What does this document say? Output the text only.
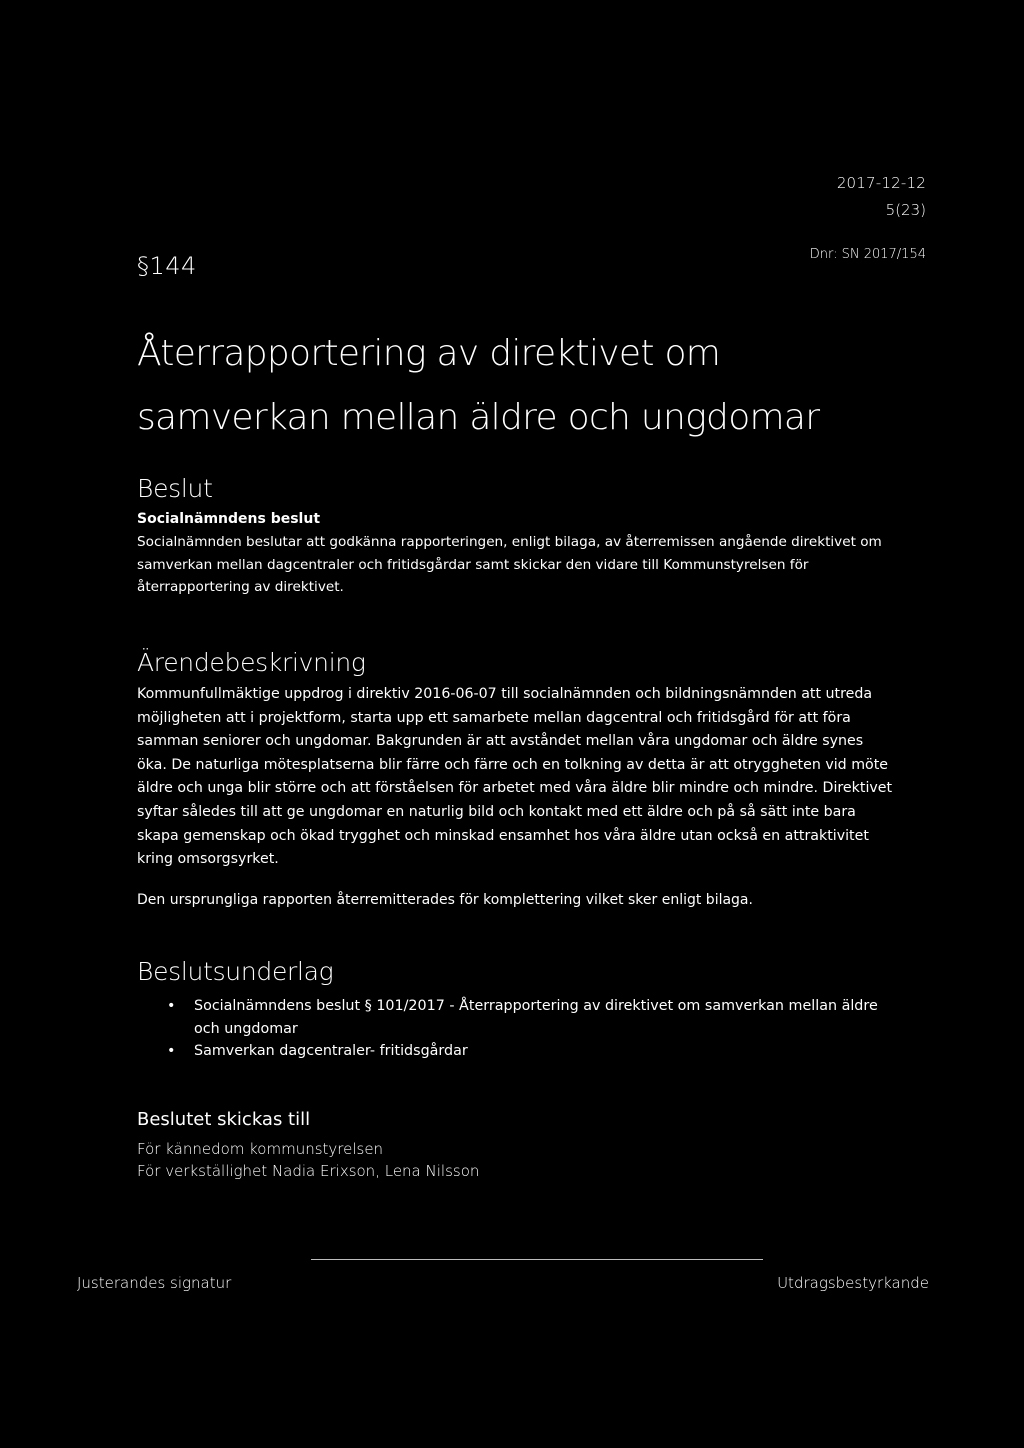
2017-12-12

5(23)

§144	Dnr: SN 2017/154

Återrapportering av direktivet om
samverkan mellan äldre och ungdomar
Beslut

Socialnämndens beslut

Socialnämnden beslutar att godkänna rapporteringen, enligt bilaga, av återremissen angående direktivet om samverkan mellan dagcentraler och fritidsgårdar samt skickar den vidare till Kommunstyrelsen för återrapportering av direktivet.

Ärendebeskrivning

Kommunfullmäktige uppdrog i direktiv 2016-06-07 till socialnämnden och bildningsnämnden att utreda möjligheten att i projektform, starta upp ett samarbete mellan dagcentral och fritidsgård för att föra samman seniorer och ungdomar. Bakgrunden är att avståndet mellan våra ungdomar och äldre synes öka. De naturliga mötesplatserna blir färre och färre och en tolkning av detta är att otryggheten vid möte äldre och unga blir större och att förståelsen för arbetet med våra äldre blir mindre och mindre. Direktivet syftar således till att ge ungdomar en naturlig bild och kontakt med ett äldre och på så sätt inte bara skapa gemenskap och ökad trygghet och minskad ensamhet hos våra äldre utan också en attraktivitet kring omsorgsyrket.

Den ursprungliga rapporten återremitterades för komplettering vilket sker enligt bilaga.

Beslutsunderlag
• Socialnämndens beslut § 101/2017 - Återrapportering av direktivet om samverkan mellan äldre och ungdomar
• Samverkan dagcentraler- fritidsgårdar
Beslutet skickas till

För kännedom kommunstyrelsen

För verkställighet Nadia Erixson, Lena Nilsson

Justerandes signatur	Utdragsbestyrkande
